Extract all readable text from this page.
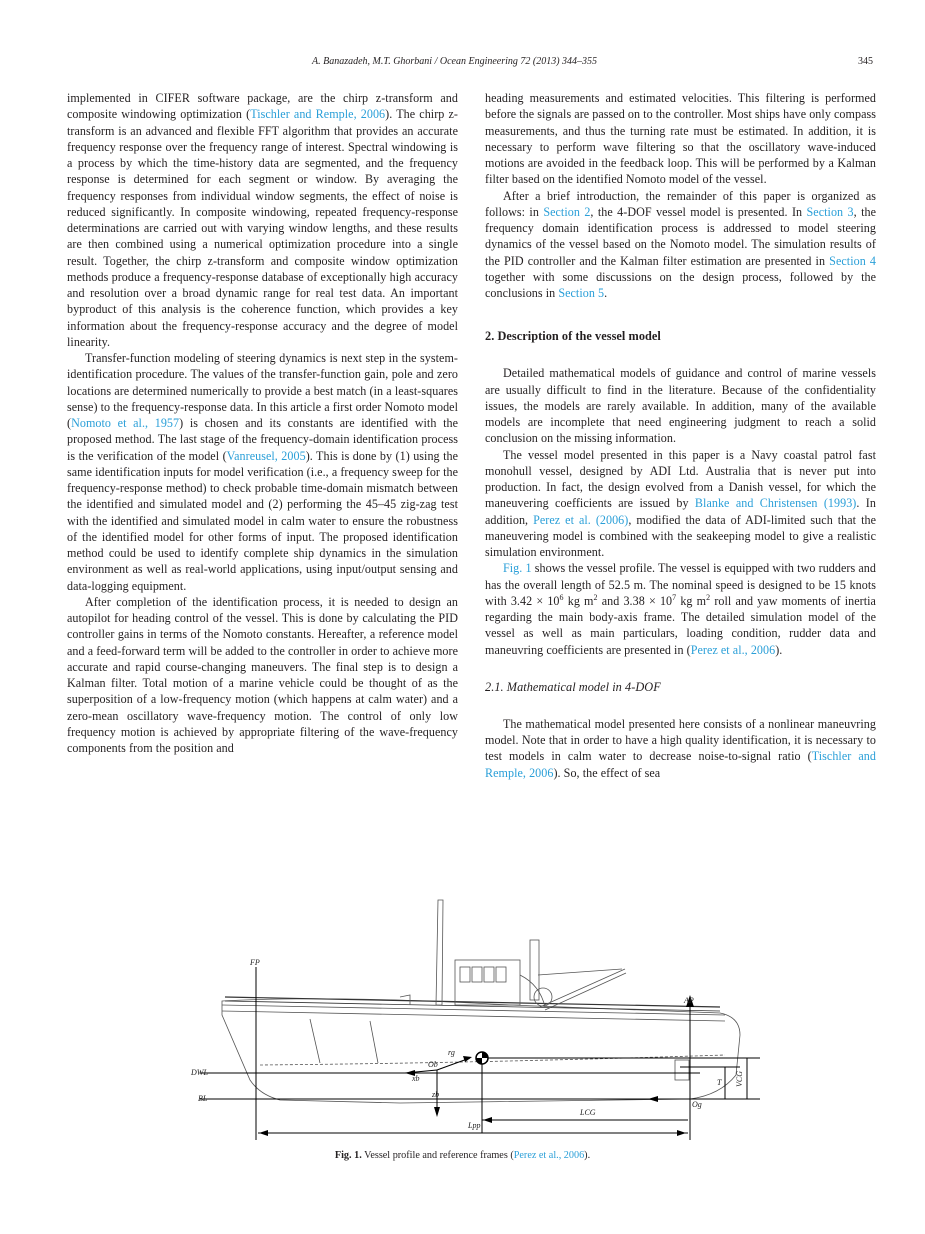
A. Banazadeh, M.T. Ghorbani / Ocean Engineering 72 (2013) 344–355	345

implemented in CIFER software package, are the chirp z-transform and composite windowing optimization (Tischler and Remple, 2006). The chirp z-transform is an advanced and flexible FFT algorithm that provides an accurate frequency response over the frequency range of interest. Spectral windowing is a process by which the time-history data are segmented, and the frequency response is determined for each segment or window. By averaging the frequency responses from individual window segments, the effect of noise is reduced significantly. In composite windowing, repeated frequency-response determinations are carried out with varying window lengths, and these results are then combined using a numerical optimization procedure into a single result. Together, the chirp z-transform and composite window optimization methods produce a frequency-response database of exceptionally high accuracy and resolution over a broad dynamic range for real test data. An important byproduct of this analysis is the coherence function, which provides a key information about the frequency-response accuracy and the degree of model linearity.

Transfer-function modeling of steering dynamics is next step in the system-identification procedure. The values of the transfer-function gain, pole and zero locations are determined numerically to provide a best match (in a least-squares sense) to the frequency-response data. In this article a first order Nomoto model (Nomoto et al., 1957) is chosen and its constants are identified with the proposed method. The last stage of the frequency-domain identification process is the verification of the model (Vanreusel, 2005). This is done by (1) using the same identification inputs for model verification (i.e., a frequency sweep for the frequency-response method) to check probable time-domain mismatch between the identified and simulated model and (2) performing the 45–45 zig-zag test with the identified and simulated model in calm water to ensure the robustness of the identified model for other forms of input. The proposed identification method could be used to identify complete ship dynamics in the simulation environment as well as real-world applications, using input/output sensing and data-logging equipment.

After completion of the identification process, it is needed to design an autopilot for heading control of the vessel. This is done by calculating the PID controller gains in terms of the Nomoto constants. Hereafter, a reference model and a feed-forward term will be added to the controller in order to achieve more accurate and rapid course-changing maneuvers. The final step is to design a Kalman filter. Total motion of a marine vehicle could be thought of as the superposition of a low-frequency motion (which happens at calm water) and a zero-mean oscillatory wave-frequency motion. The control of only low frequency motion is achieved by appropriate filtering of the wave-frequency components from the position and

heading measurements and estimated velocities. This filtering is performed before the signals are passed on to the controller. Most ships have only compass measurements, and thus the turning rate must be estimated. In addition, it is necessary to perform wave filtering so that the oscillatory wave-induced motions are avoided in the feedback loop. This will be performed by a Kalman filter based on the identified Nomoto model of the vessel.

After a brief introduction, the remainder of this paper is organized as follows: in Section 2, the 4-DOF vessel model is presented. In Section 3, the frequency domain identification process is addressed to model steering dynamics of the vessel based on the Nomoto model. The simulation results of the PID controller and the Kalman filter estimation are presented in Section 4 together with some discussions on the design process, followed by the conclusions in Section 5.

2. Description of the vessel model

Detailed mathematical models of guidance and control of marine vessels are usually difficult to find in the literature. Because of the confidentiality issues, the models are rarely available. In addition, many of the available models are incomplete that need engineering judgment to reach a solid conclusion on the missing information.

The vessel model presented in this paper is a Navy coastal patrol fast monohull vessel, designed by ADI Ltd. Australia that is never put into production. In fact, the design evolved from a Danish vessel, for which the maneuvering coefficients are issued by Blanke and Christensen (1993). In addition, Perez et al. (2006), modified the data of ADI-limited such that the maneuvering model is combined with the seakeeping model to give a realistic simulation environment.

Fig. 1 shows the vessel profile. The vessel is equipped with two rudders and has the overall length of 52.5 m. The nominal speed is designed to be 15 knots with $3.42 \times 10^6$ kg $m^2$ and $3.38 \times 10^7$ kg $m^2$ roll and yaw moments of inertia regarding the main body-axis frame. The detailed simulation model of the vessel as well as main particulars, loading condition, rudder data and maneuvring coefficients are presented in (Perez et al., 2006).

2.1. Mathematical model in 4-DOF

The mathematical model presented here consists of a nonlinear maneuvring model. Note that in order to have a high quality identification, it is necessary to test models in calm water to decrease noise-to-signal ratio (Tischler and Remple, 2006). So, the effect of sea

FP
AP
DWL
BL
Ob
xb
zb
rg
Og
LCG
Lpp
T VCG
Fig. 1. Vessel profile and reference frames (Perez et al., 2006).
